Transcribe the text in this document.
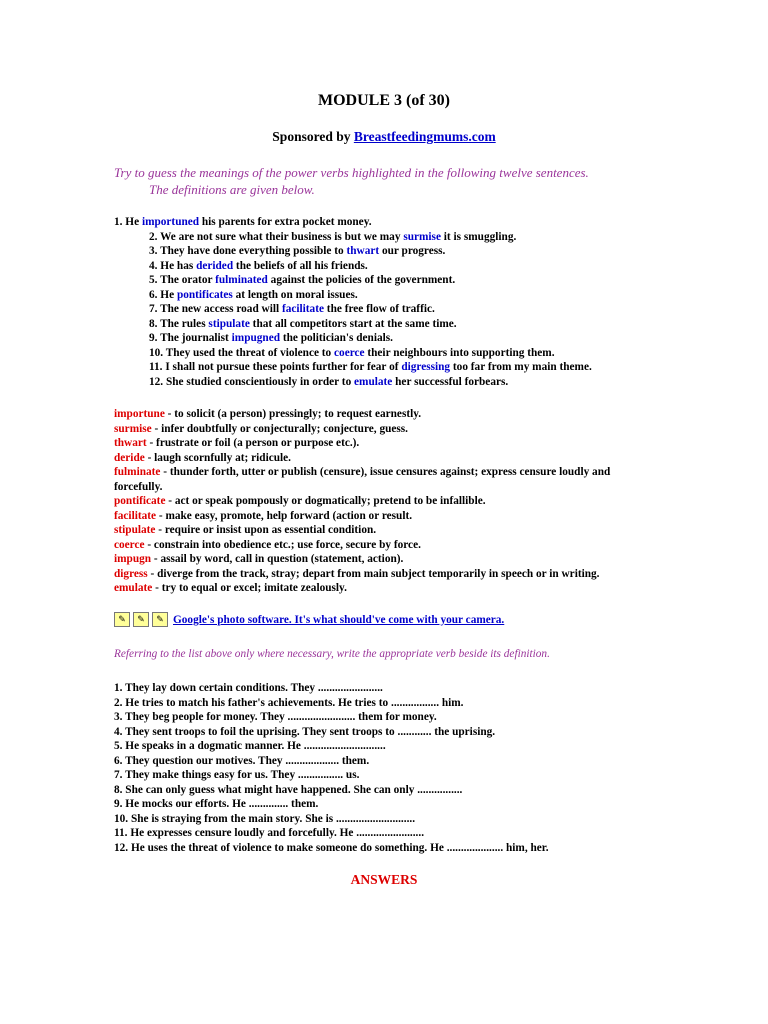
MODULE 3 (of 30)
Sponsored by Breastfeedingmums.com
Try to guess the meanings of the power verbs highlighted in the following twelve sentences.
The definitions are given below.
1. He importuned his parents for extra pocket money.
2. We are not sure what their business is but we may surmise it is smuggling.
3. They have done everything possible to thwart our progress.
4. He has derided the beliefs of all his friends.
5. The orator fulminated against the policies of the government.
6. He pontificates at length on moral issues.
7. The new access road will facilitate the free flow of traffic.
8. The rules stipulate that all competitors start at the same time.
9. The journalist impugned the politician's denials.
10. They used the threat of violence to coerce their neighbours into supporting them.
11. I shall not pursue these points further for fear of digressing too far from my main theme.
12. She studied conscientiously in order to emulate her successful forbears.
importune - to solicit (a person) pressingly; to request earnestly.
surmise - infer doubtfully or conjecturally; conjecture, guess.
thwart - frustrate or foil (a person or purpose etc.).
deride - laugh scornfully at; ridicule.
fulminate - thunder forth, utter or publish (censure), issue censures against; express censure loudly and forcefully.
pontificate - act or speak pompously or dogmatically; pretend to be infallible.
facilitate - make easy, promote, help forward (action or result.
stipulate - require or insist upon as essential condition.
coerce - constrain into obedience etc.; use force, secure by force.
impugn - assail by word, call in question (statement, action).
digress - diverge from the track, stray; depart from main subject temporarily in speech or in writing.
emulate - try to equal or excel; imitate zealously.
✎	✎	✎ Google's photo software. It's what should've come with your camera.
Referring to the list above only where necessary, write the appropriate verb beside its definition.
1. They lay down certain conditions. They .......................
2. He tries to match his father's achievements. He tries to ................. him.
3. They beg people for money. They ........................ them for money.
4. They sent troops to foil the uprising. They sent troops to ............ the uprising.
5. He speaks in a dogmatic manner. He .............................
6. They question our motives. They ................... them.
7. They make things easy for us. They ................ us.
8. She can only guess what might have happened. She can only ................
9. He mocks our efforts. He .............. them.
10. She is straying from the main story. She is ............................
11. He expresses censure loudly and forcefully. He ........................
12. He uses the threat of violence to make someone do something. He .................... him, her.
ANSWERS
